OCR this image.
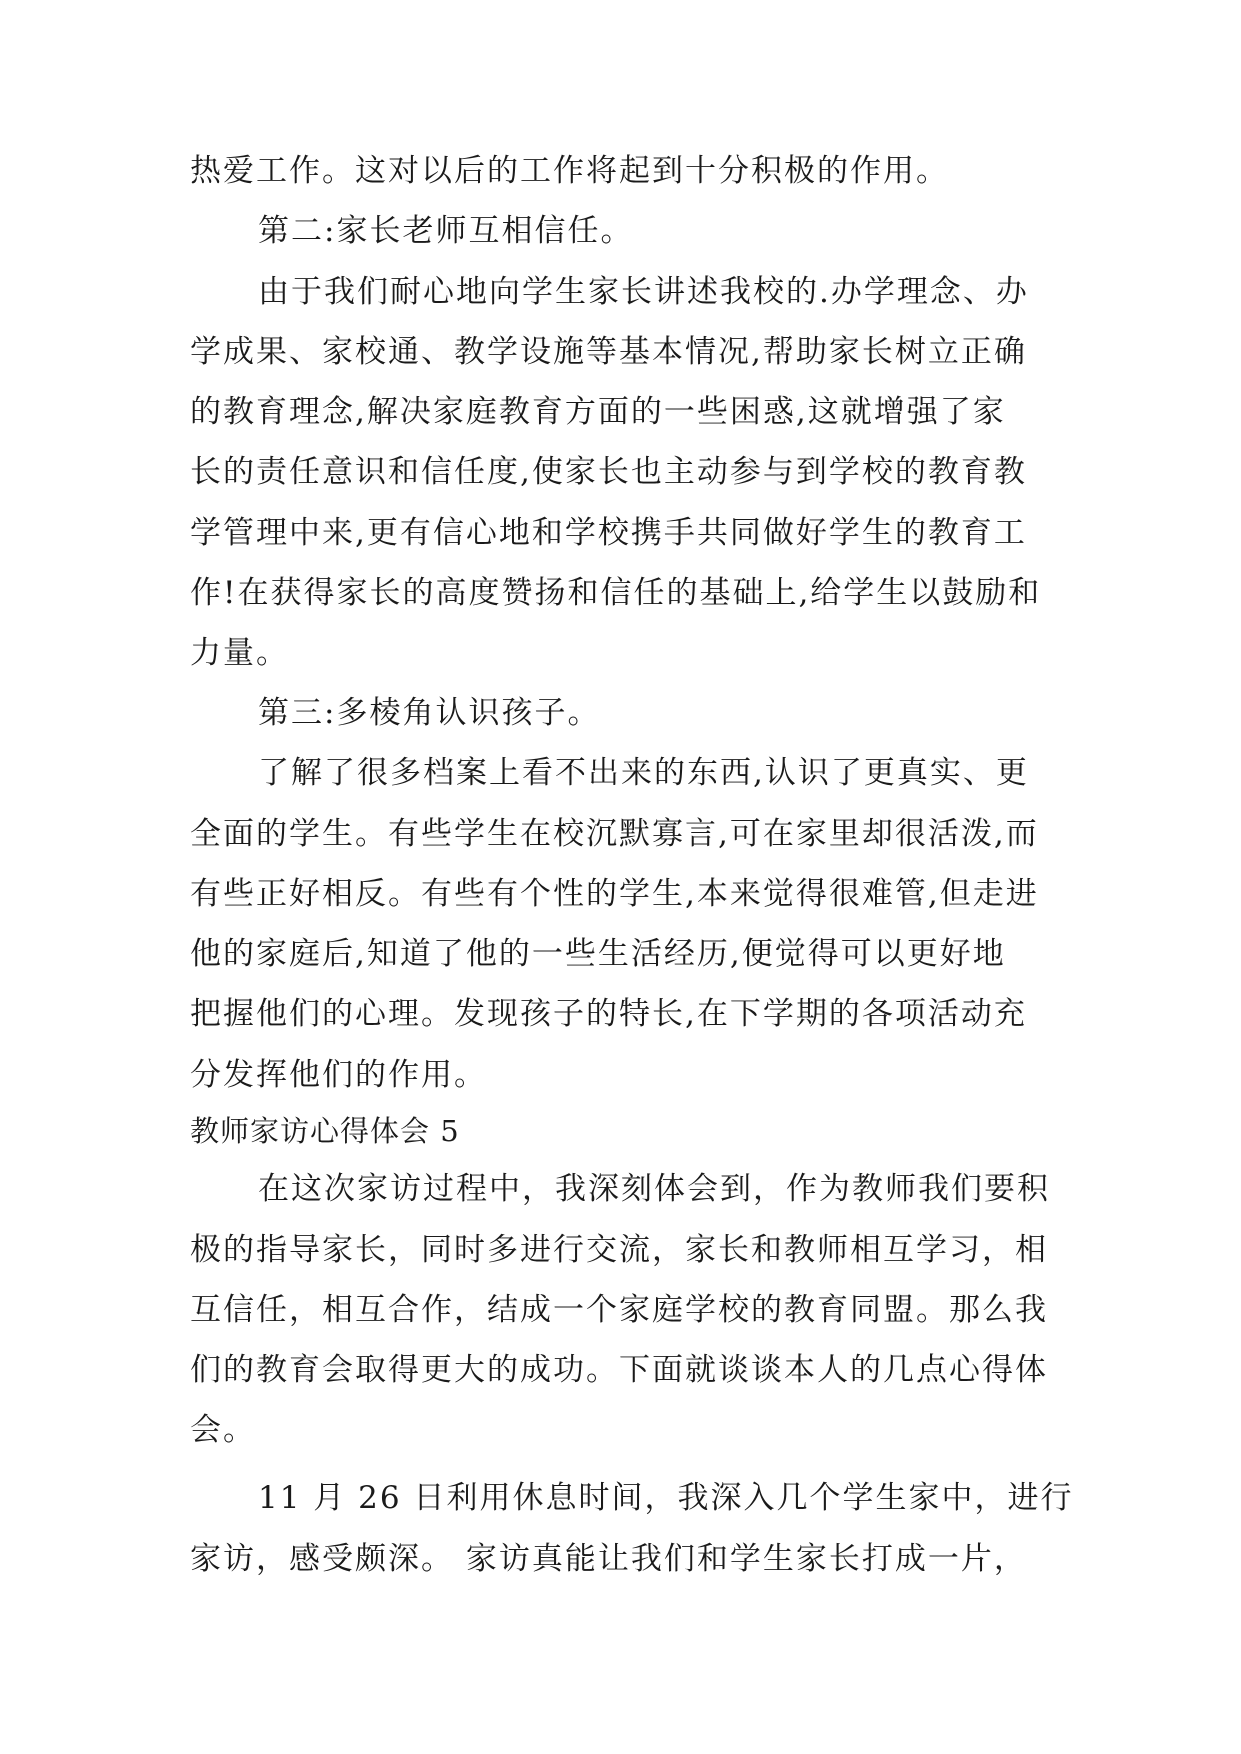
热爱工作。这对以后的工作将起到十分积极的作用。
第二:家长老师互相信任。
由于我们耐心地向学生家长讲述我校的.办学理念、办
学成果、家校通、教学设施等基本情况,帮助家长树立正确
的教育理念,解决家庭教育方面的一些困惑,这就增强了家
长的责任意识和信任度,使家长也主动参与到学校的教育教
学管理中来,更有信心地和学校携手共同做好学生的教育工
作!在获得家长的高度赞扬和信任的基础上,给学生以鼓励和
力量。
第三:多棱角认识孩子。
了解了很多档案上看不出来的东西,认识了更真实、更
全面的学生。有些学生在校沉默寡言,可在家里却很活泼,而
有些正好相反。有些有个性的学生,本来觉得很难管,但走进
他的家庭后,知道了他的一些生活经历,便觉得可以更好地
把握他们的心理。发现孩子的特长,在下学期的各项活动充
分发挥他们的作用。
教师家访心得体会 5
在这次家访过程中，我深刻体会到，作为教师我们要积
极的指导家长，同时多进行交流，家长和教师相互学习，相
互信任，相互合作，结成一个家庭学校的教育同盟。那么我
们的教育会取得更大的成功。下面就谈谈本人的几点心得体
会。
11 月 26 日利用休息时间，我深入几个学生家中，进行
家访，感受颇深。 家访真能让我们和学生家长打成一片，
